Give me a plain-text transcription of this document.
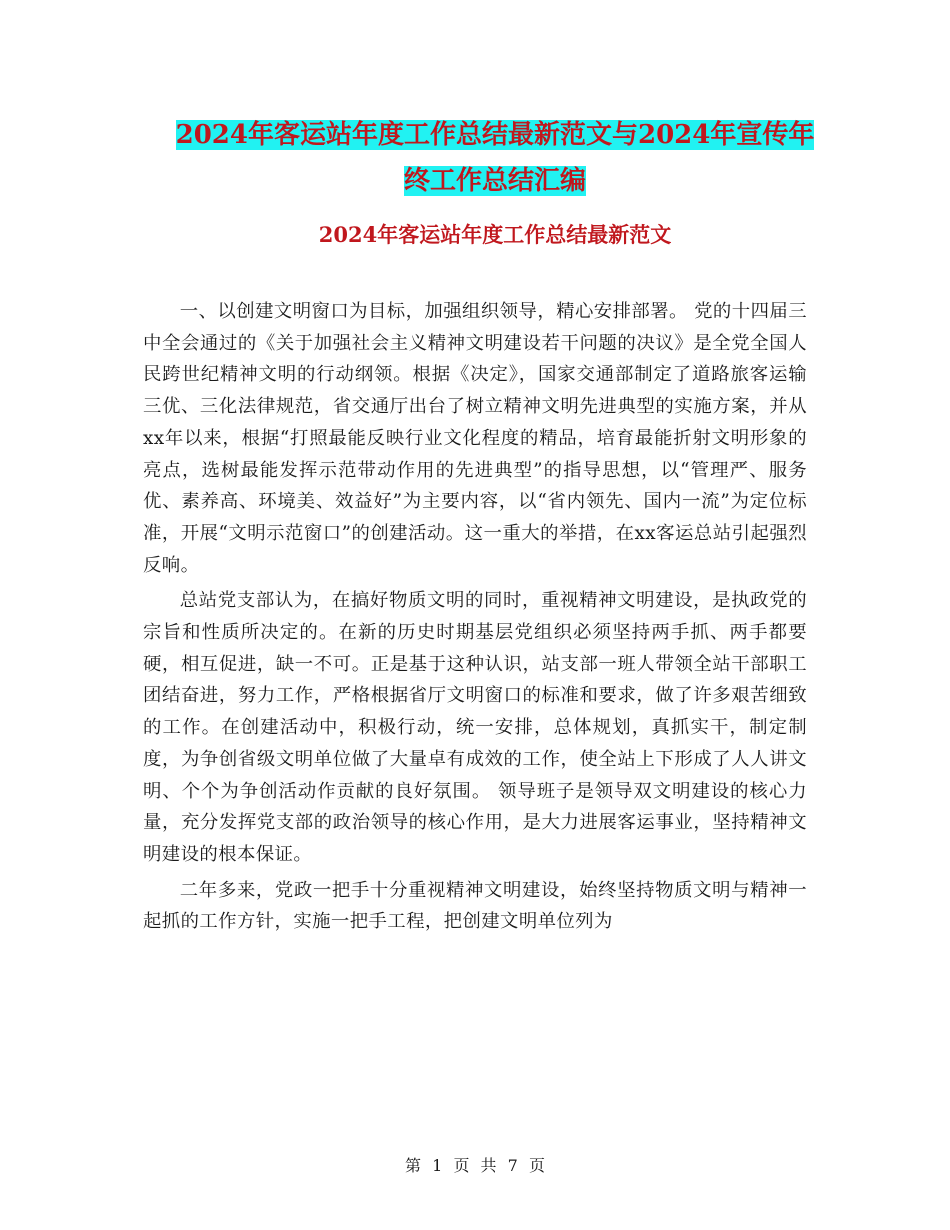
2024年客运站年度工作总结最新范文与2024年宣传年
终工作总结汇编
2024年客运站年度工作总结最新范文

一、以创建文明窗口为目标，加强组织领导，精心安排部署。 党的十四届三中全会通过的《关于加强社会主义精神文明建设若干问题的决议》是全党全国人民跨世纪精神文明的行动纲领。根据《决定》，国家交通部制定了道路旅客运输三优、三化法律规范，省交通厅出台了树立精神文明先进典型的实施方案，并从xx年以来，根据“打照最能反映行业文化程度的精品，培育最能折射文明形象的亮点，选树最能发挥示范带动作用的先进典型”的指导思想，以“管理严、服务优、素养高、环境美、效益好”为主要内容，以“省内领先、国内一流”为定位标准，开展“文明示范窗口”的创建活动。这一重大的举措，在xx客运总站引起强烈反响。

总站党支部认为，在搞好物质文明的同时，重视精神文明建设，是执政党的宗旨和性质所决定的。在新的历史时期基层党组织必须坚持两手抓、两手都要硬，相互促进，缺一不可。正是基于这种认识，站支部一班人带领全站干部职工团结奋进，努力工作，严格根据省厅文明窗口的标准和要求，做了许多艰苦细致的工作。在创建活动中，积极行动，统一安排，总体规划，真抓实干，制定制度，为争创省级文明单位做了大量卓有成效的工作，使全站上下形成了人人讲文明、个个为争创活动作贡献的良好氛围。 领导班子是领导双文明建设的核心力量，充分发挥党支部的政治领导的核心作用，是大力进展客运事业，坚持精神文明建设的根本保证。

二年多来，党政一把手十分重视精神文明建设，始终坚持物质文明与精神一起抓的工作方针，实施一把手工程，把创建文明单位列为

第 1 页 共 7 页
